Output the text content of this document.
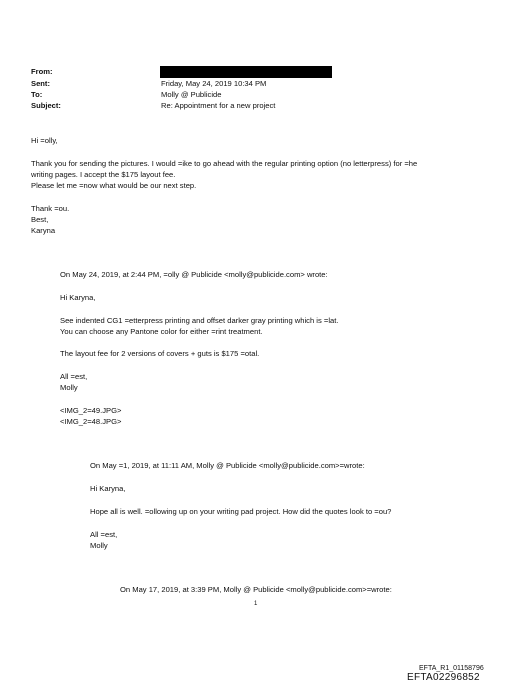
From:
Sent:	Friday, May 24, 2019 10:34 PM
To:	Molly @ Publicide
Subject:	Re: Appointment for a new project
Hi =olly,
Thank you for sending the pictures. I would =ike to go ahead with the regular printing option (no letterpress) for =he
writing pages. I accept the $175 layout fee.
Please let me =now what would be our next step.
Thank =ou.
Best,
Karyna
On May 24, 2019, at 2:44 PM, =olly @ Publicide <molly@publicide.com> wrote:
Hi Karyna,
See indented CG1 =etterpress printing and offset darker gray printing which is =lat.
You can choose any Pantone color for either =rint treatment.
The layout fee for 2 versions of covers + guts is $175 =otal.
All =est,
Molly
<IMG_2=49.JPG>
<IMG_2=48.JPG>
On May =1, 2019, at 11:11 AM, Molly @ Publicide <molly@publicide.com>=wrote:
Hi Karyna,
Hope all is well. =ollowing up on your writing pad project. How did the quotes look to =ou?
All =est,
Molly
On May 17, 2019, at 3:39 PM, Molly @ Publicide <molly@publicide.com>=wrote:
1
EFTA_R1_01158796
EFTA02296852
